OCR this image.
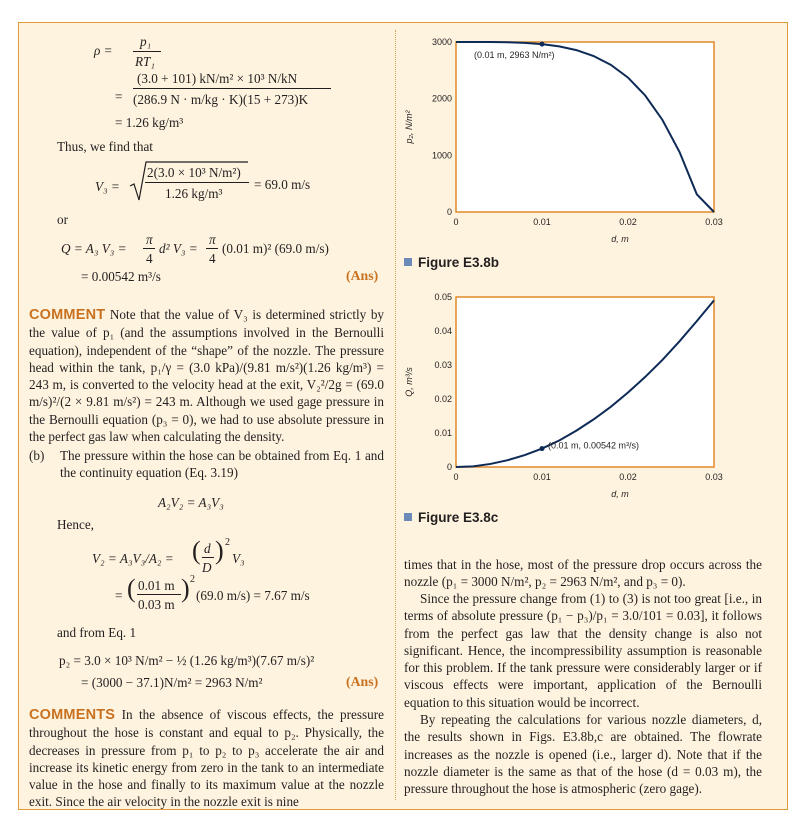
ρ =
p₁
RT₁
=
(3.0 + 101) kN/m² × 10³ N/kN
(286.9 N · m/kg · K)(15 + 273)K
= 1.26 kg/m³
Thus, we find that
V₃ =
2(3.0 × 10³ N/m²)
1.26 kg/m³
= 69.0 m/s
or
Q = A₃ V₃ =
π
4
d² V₃ =
π
4
(0.01 m)² (69.0 m/s)
= 0.00542 m³/s	(Ans)
COMMENT Note that the value of V₃ is determined strictly by the value of p₁ (and the assumptions involved in the Bernoulli equation), independent of the “shape” of the nozzle. The pressure head within the tank, p₁/γ = (3.0 kPa)/(9.81 m/s²)(1.26 kg/m³) = 243 m, is converted to the velocity head at the exit, V₂²/2g = (69.0 m/s)²/(2 × 9.81 m/s²) = 243 m. Although we used gage pressure in the Bernoulli equation (p₃ = 0), we had to use absolute pressure in the perfect gas law when calculating the density.
(b) The pressure within the hose can be obtained from Eq. 1 and the continuity equation (Eq. 3.19)
A₂V₂ = A₃V₃
Hence,
V₂ = A₃V₃/A₂ = ( d
D
) 2
V₃
= ( 0.01 m
0.03 m
) 2
(69.0 m/s) = 7.67 m/s
and from Eq. 1
p₂ = 3.0 × 10³ N/m² − ½ (1.26 kg/m³)(7.67 m/s)²
= (3000 − 37.1)N/m² = 2963 N/m²	(Ans)
COMMENTS In the absence of viscous effects, the pressure throughout the hose is constant and equal to p₂. Physically, the decreases in pressure from p₁ to p₂ to p₃ accelerate the air and increase its kinetic energy from zero in the tank to an intermediate value in the hose and finally to its maximum value at the nozzle exit. Since the air velocity in the nozzle exit is nine
0	0.01	0.02	0.03
0
1000
2000
3000
d, m
p₂, N/m²
(0.01 m, 2963 N/m²)
Figure E3.8b
0	0.01	0.02	0.03
0
0.01
0.02
0.03
0.04
0.05
d, m
Q, m³/s
(0.01 m, 0.00542 m³/s)
Figure E3.8c
times that in the hose, most of the pressure drop occurs across the nozzle (p₁ = 3000 N/m², p₂ = 2963 N/m², and p₃ = 0).
Since the pressure change from (1) to (3) is not too great [i.e., in terms of absolute pressure (p₁ − p₃)/p₁ = 3.0/101 = 0.03], it follows from the perfect gas law that the density change is also not significant. Hence, the incompressibility assumption is reasonable for this problem. If the tank pressure were considerably larger or if viscous effects were important, application of the Bernoulli equation to this situation would be incorrect.
By repeating the calculations for various nozzle diameters, d, the results shown in Figs. E3.8b,c are obtained. The flowrate increases as the nozzle is opened (i.e., larger d). Note that if the nozzle diameter is the same as that of the hose (d = 0.03 m), the pressure throughout the hose is atmospheric (zero gage).
